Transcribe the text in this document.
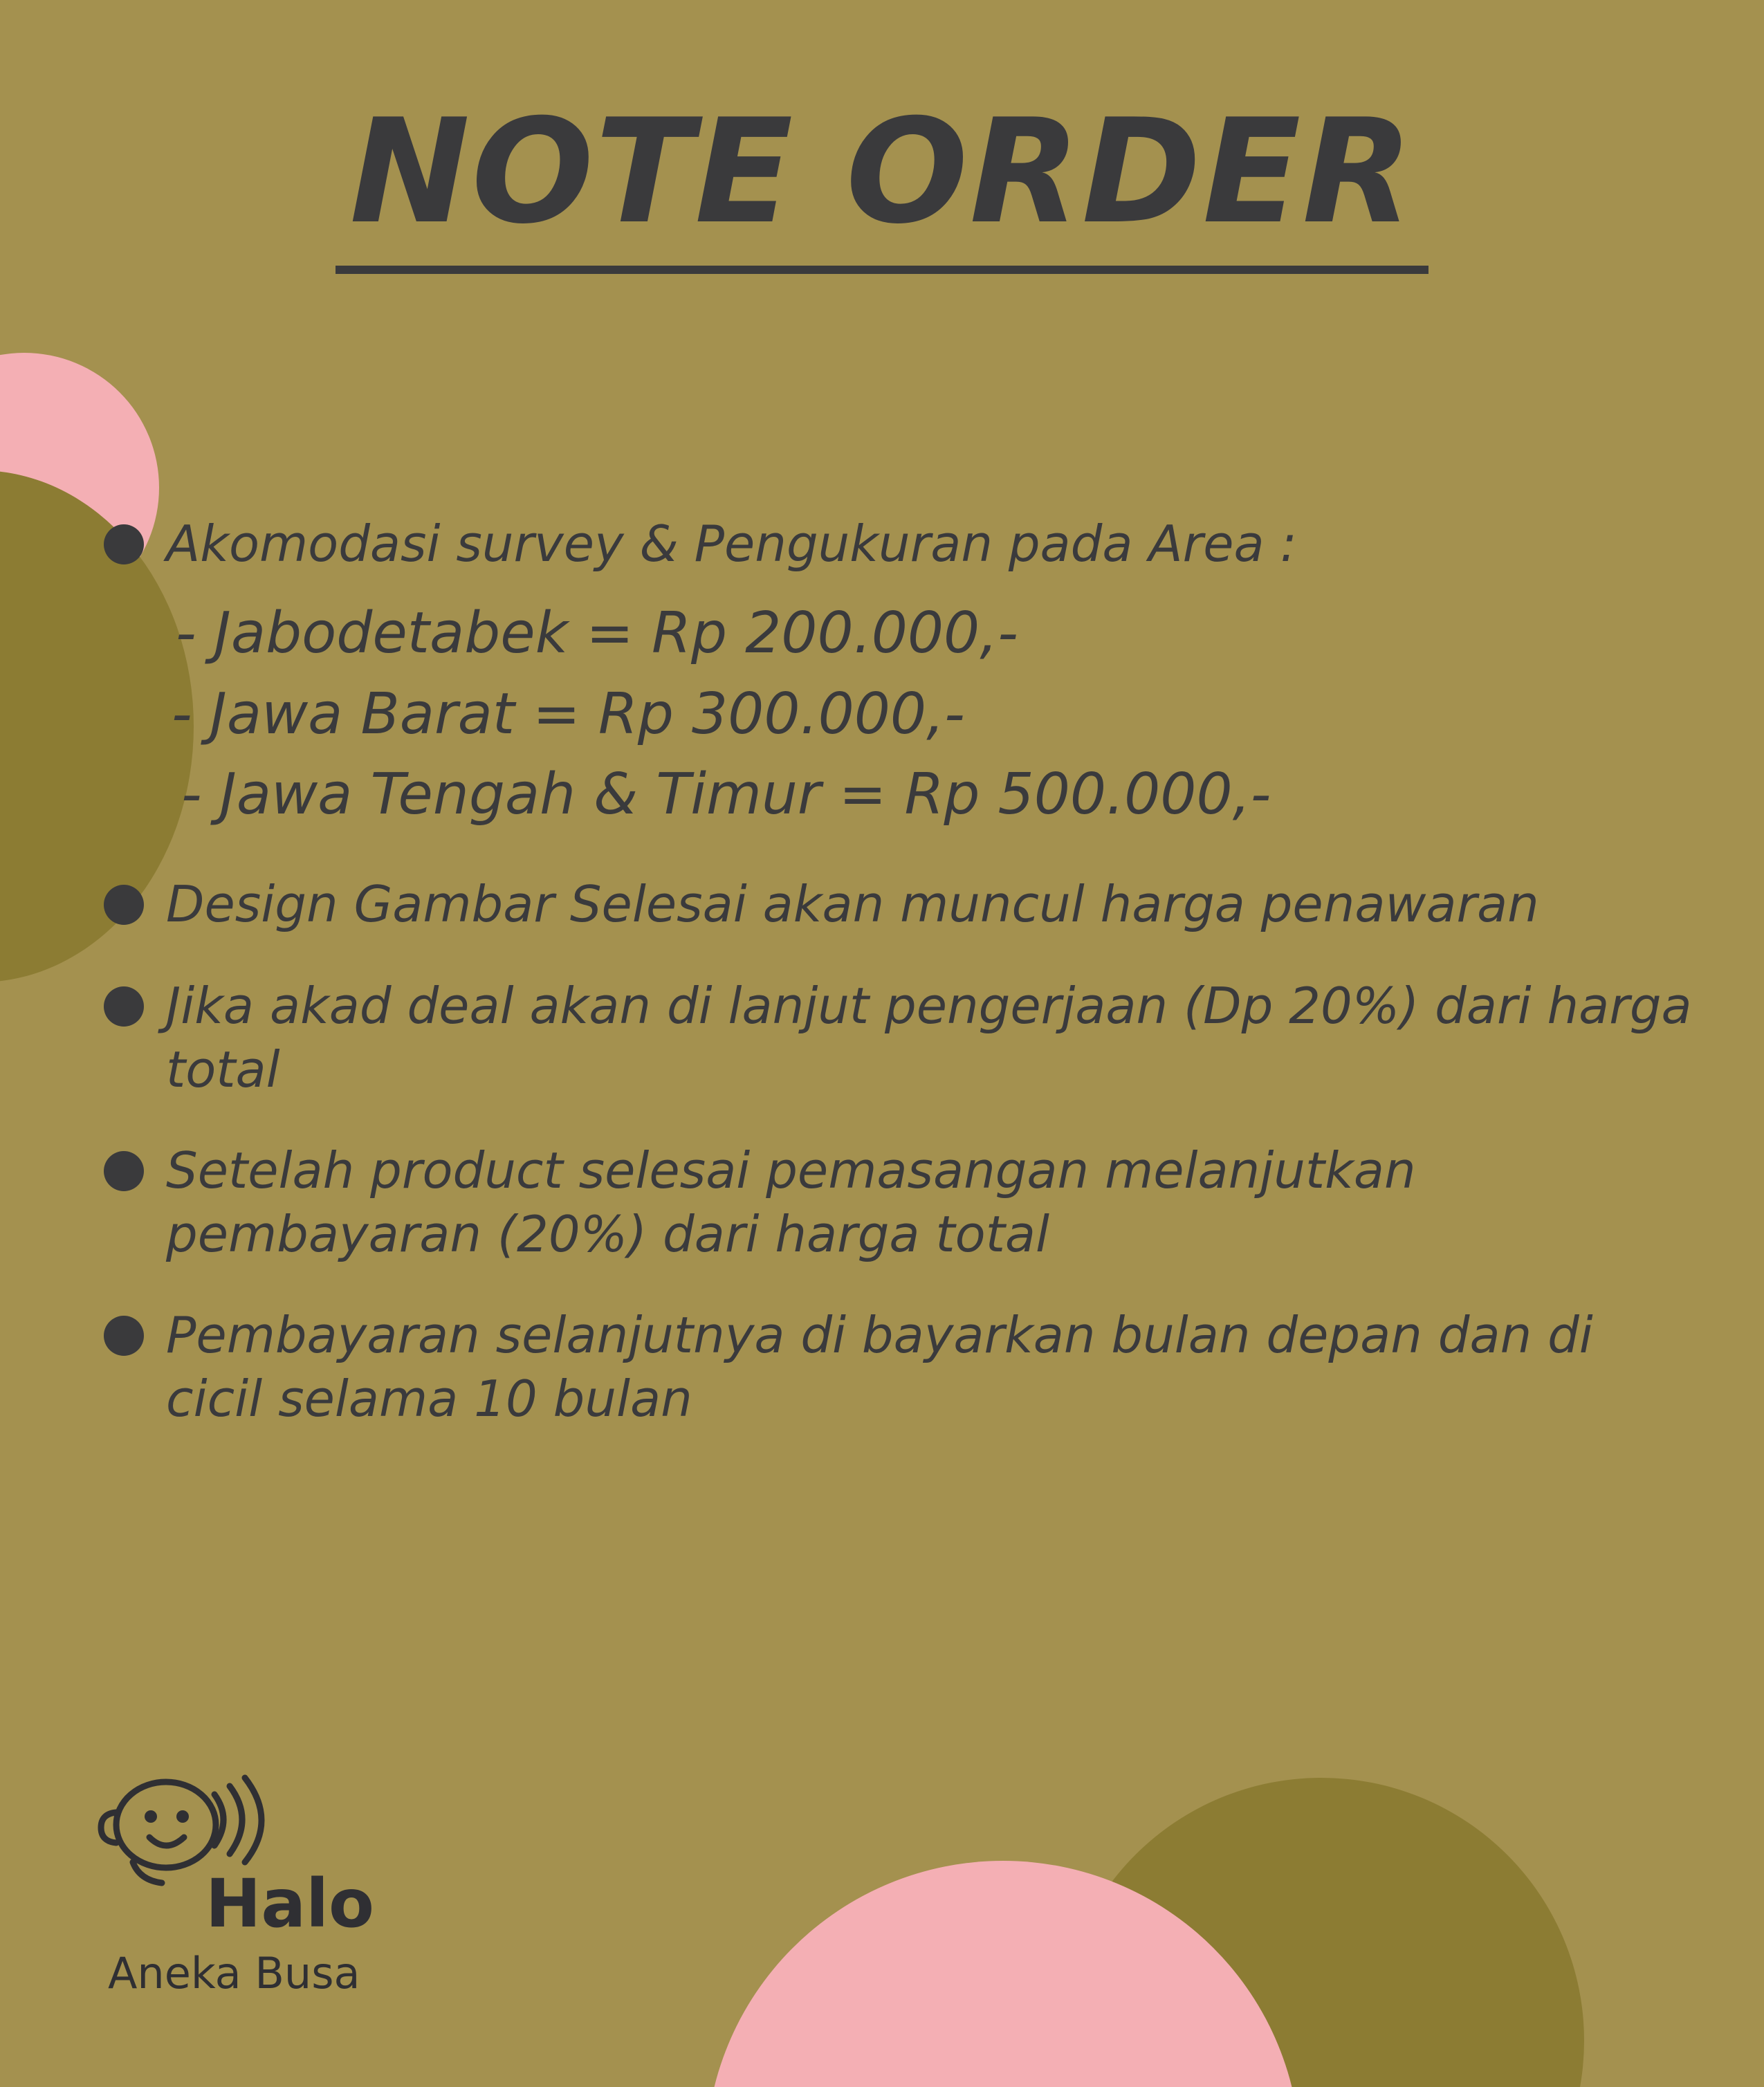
NOTE ORDER
Akomodasi survey & Pengukuran pada Area :
- Jabodetabek = Rp 200.000,-
- Jawa Barat = Rp 300.000,-
- Jawa Tengah & Timur = Rp 500.000,-
Design Gambar Selesai akan muncul harga penawaran
Jika akad deal akan di lanjut pengerjaan (Dp 20%) dari harga total
Setelah product selesai pemasangan melanjutkan pembayaran (20%) dari harga total
Pembayaran selanjutnya di bayarkan bulan depan dan di cicil selama 10 bulan
Halo
Aneka Busa
